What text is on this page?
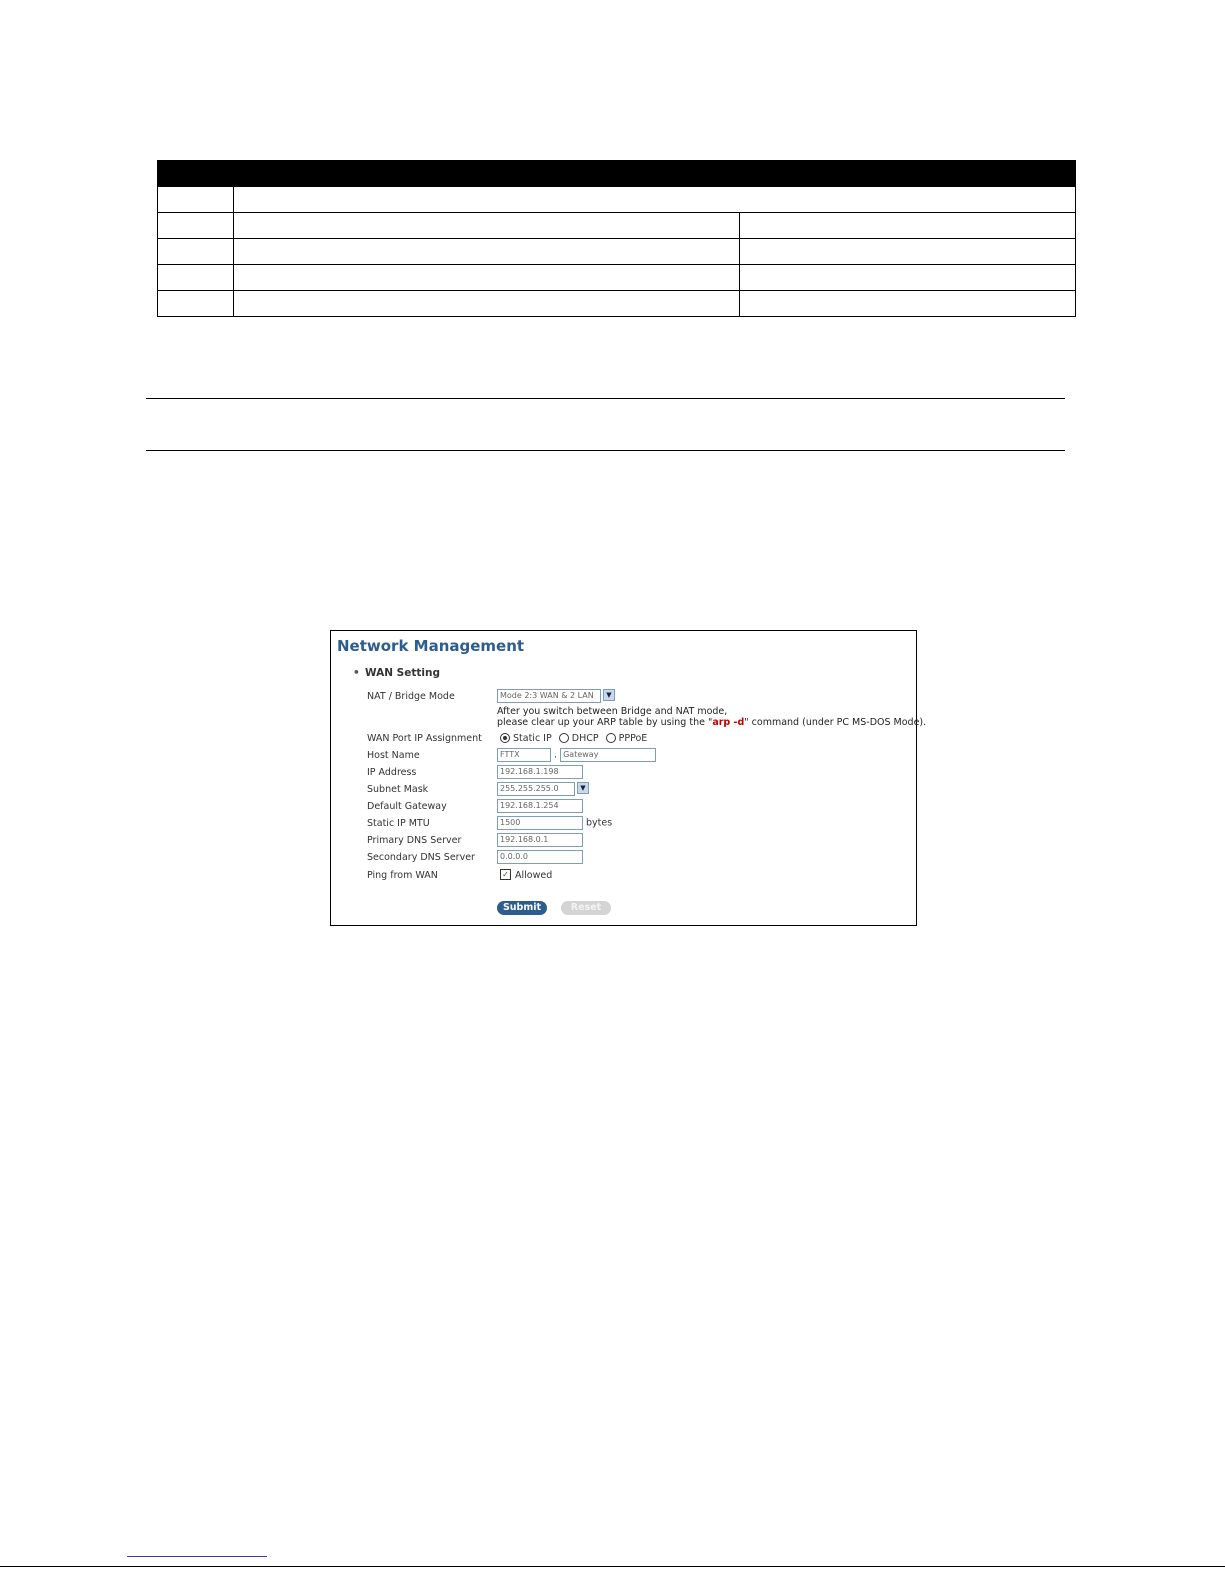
Network Management
• WAN Setting
NAT / Bridge Mode	Mode 2:3 WAN & 2 LAN ▼
After you switch between Bridge and NAT mode,
please clear up your ARP table by using the "arp -d" command (under PC MS-DOS Mode).
WAN Port IP Assignment	Static IP DHCP PPPoE
Host Name	FTTX	. Gateway
IP Address	192.168.1.198
Subnet Mask	255.255.255.0	▼
Default Gateway	192.168.1.254
Static IP MTU	1500	bytes
Primary DNS Server	192.168.0.1
Secondary DNS Server	0.0.0.0
Ping from WAN	✓ Allowed
Submit	Reset
